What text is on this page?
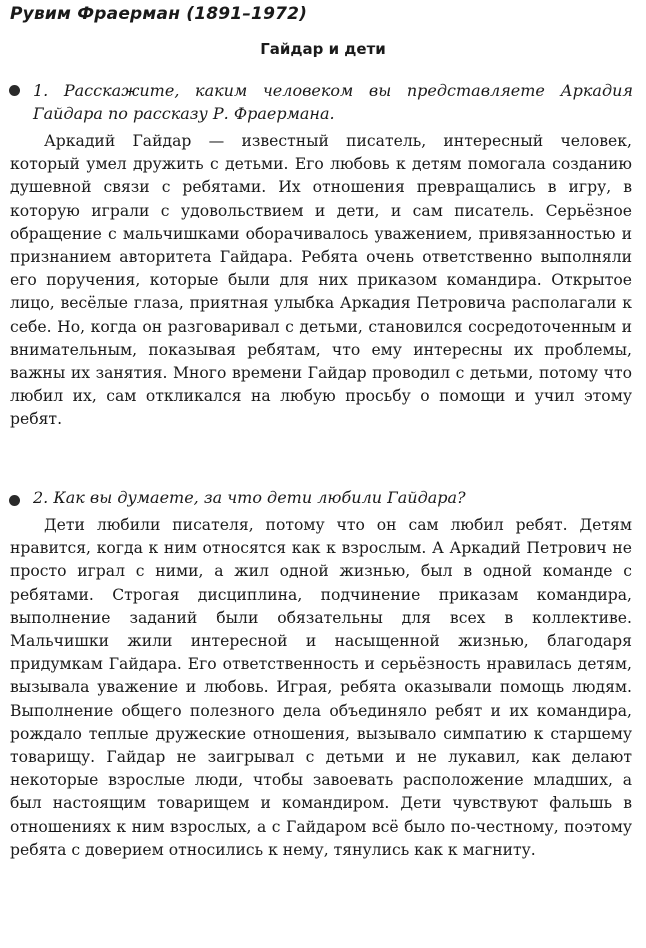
Рувим Фраерман (1891–1972)
Гайдар и дети
1. Расскажите, каким человеком вы представляете Аркадия Гайдара по рассказу Р. Фраермана.
Аркадий Гайдар — известный писатель, интересный человек, который умел дружить с детьми. Его любовь к детям помогала созданию душевной связи с ребятами. Их отношения превращались в игру, в которую играли с удовольствием и дети, и сам писатель. Серьёзное обращение с мальчишками оборачивалось уважением, привязанностью и признанием авторитета Гайдара. Ребята очень ответственно выполняли его поручения, которые были для них приказом командира. Открытое лицо, весёлые глаза, приятная улыбка Аркадия Петровича располагали к себе. Но, когда он разговаривал с детьми, становился сосредоточенным и внимательным, показывая ребятам, что ему интересны их проблемы, важны их занятия. Много времени Гайдар проводил с детьми, потому что любил их, сам откликался на любую просьбу о помощи и учил этому ребят.
2. Как вы думаете, за что дети любили Гайдара?
Дети любили писателя, потому что он сам любил ребят. Детям нравится, когда к ним относятся как к взрослым. А Аркадий Петрович не просто играл с ними, а жил одной жизнью, был в одной команде с ребятами. Строгая дисциплина, подчинение приказам командира, выполнение заданий были обязательны для всех в коллективе. Мальчишки жили интересной и насыщенной жизнью, благодаря придумкам Гайдара. Его ответственность и серьёзность нравилась детям, вызывала уважение и любовь. Играя, ребята оказывали помощь людям. Выполнение общего полезного дела объединяло ребят и их командира, рождало теплые дружеские отношения, вызывало симпатию к старшему товарищу. Гайдар не заигрывал с детьми и не лукавил, как делают некоторые взрослые люди, чтобы завоевать расположение младших, а был настоящим товарищем и командиром. Дети чувствуют фальшь в отношениях к ним взрослых, а с Гайдаром всё было по-честному, поэтому ребята с доверием относились к нему, тянулись как к магниту.
